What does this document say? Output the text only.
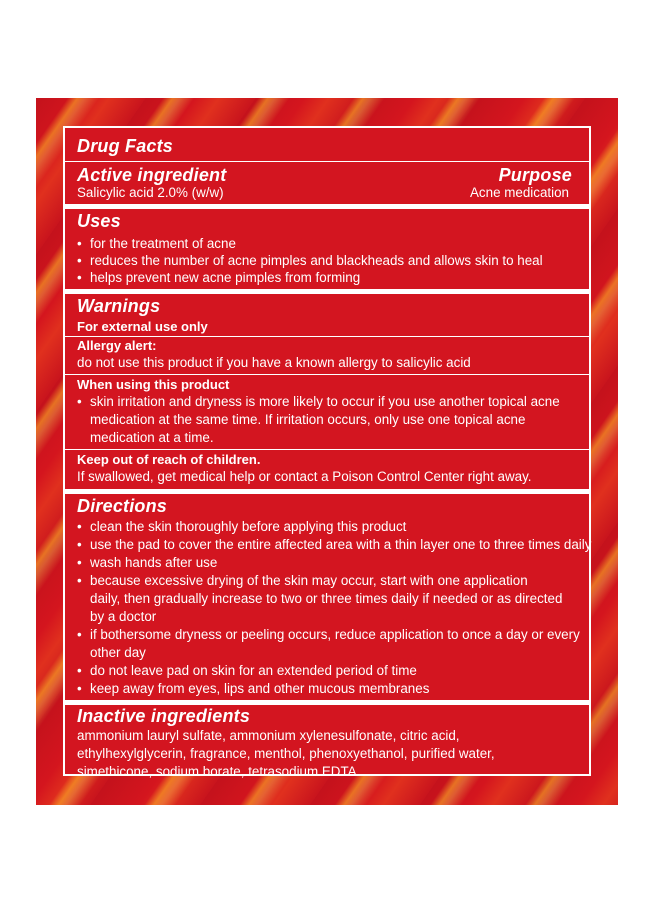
Drug Facts
Active ingredient	Purpose
Salicylic acid 2.0% (w/w)	Acne medication
Uses
• for the treatment of acne
• reduces the number of acne pimples and blackheads and allows skin to heal
• helps prevent new acne pimples from forming
Warnings
For external use only
Allergy alert:
do not use this product if you have a known allergy to salicylic acid
When using this product
• skin irritation and dryness is more likely to occur if you use another topical acne
medication at the same time. If irritation occurs, only use one topical acne
medication at a time.
Keep out of reach of children.
If swallowed, get medical help or contact a Poison Control Center right away.
Directions
• clean the skin thoroughly before applying this product
• use the pad to cover the entire affected area with a thin layer one to three times daily
• wash hands after use
• because excessive drying of the skin may occur, start with one application
daily, then gradually increase to two or three times daily if needed or as directed
by a doctor
• if bothersome dryness or peeling occurs, reduce application to once a day or every
other day
• do not leave pad on skin for an extended period of time
• keep away from eyes, lips and other mucous membranes
Inactive ingredients
ammonium lauryl sulfate, ammonium xylenesulfonate, citric acid,
ethylhexylglycerin, fragrance, menthol, phenoxyethanol, purified water,
simethicone, sodium borate, tetrasodium EDTA
